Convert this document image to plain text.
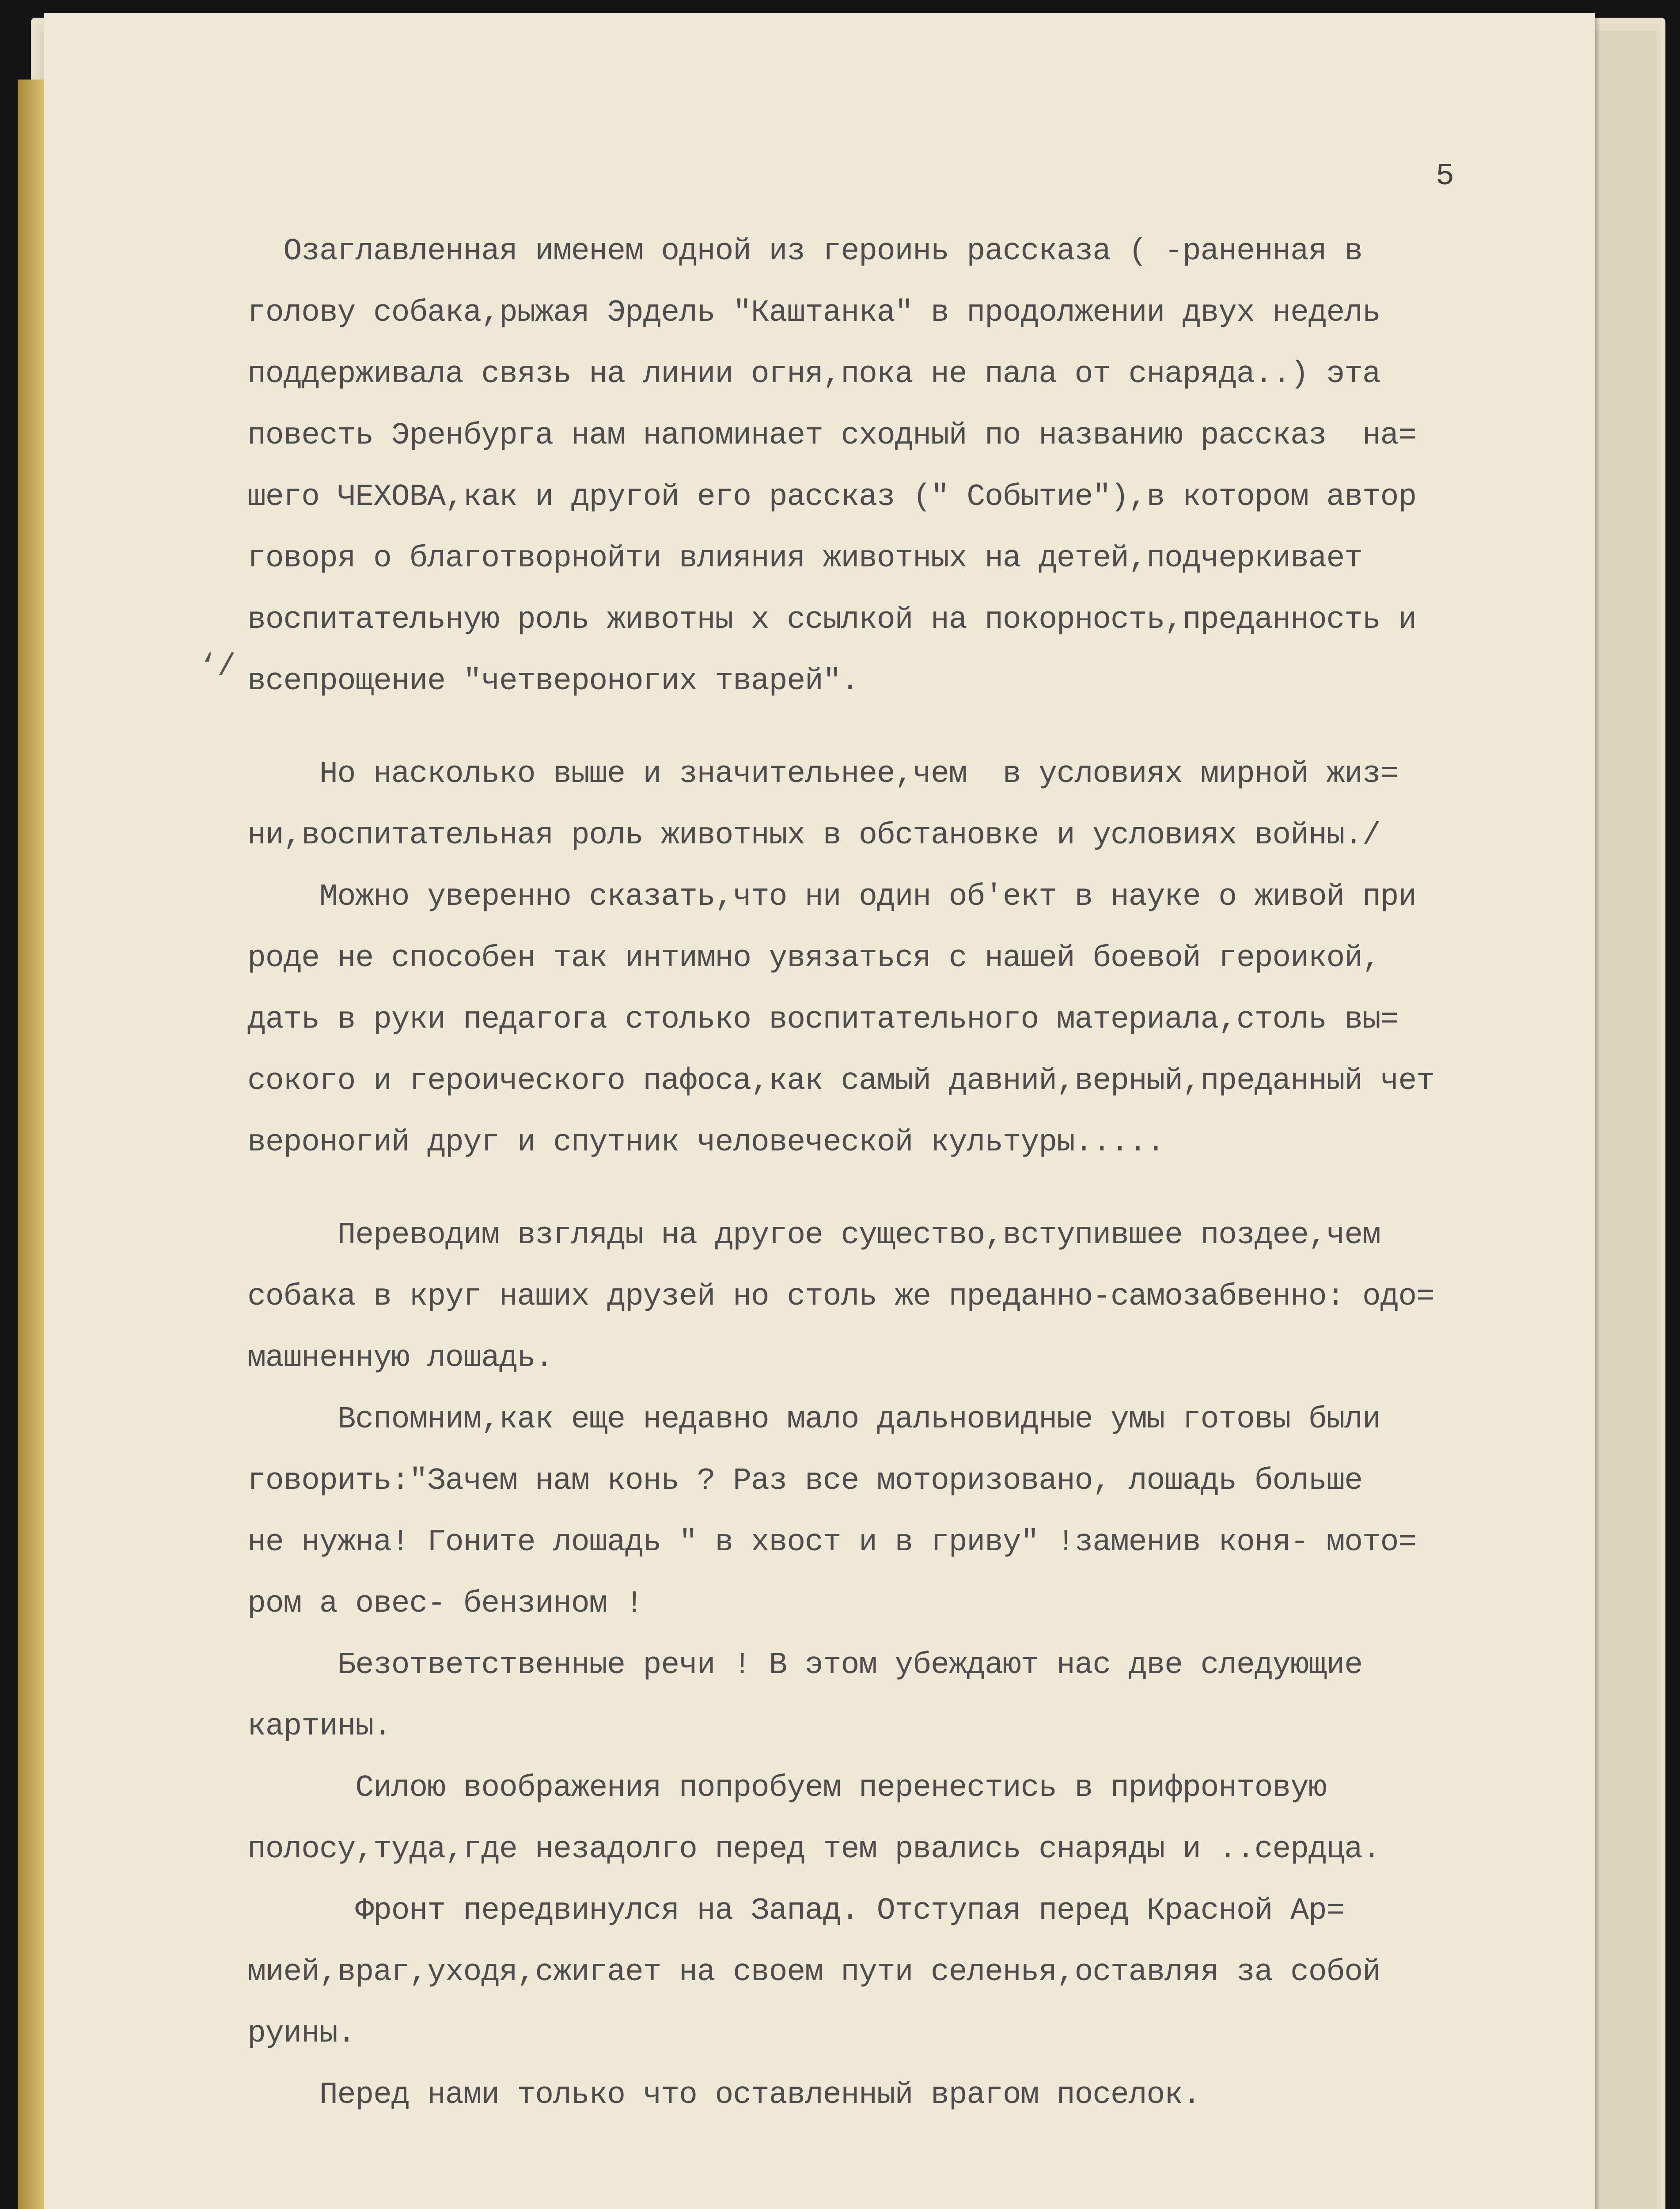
5
‘/
Озаглавленная именем одной из героинь рассказа ( -раненная в
голову собака,рыжая Эрдель "Каштанка" в продолжении двух недель
поддерживала связь на линии огня,пока не пала от снаряда..) эта
повесть Эренбурга нам напоминает сходный по названию рассказ  на=
шего ЧЕХОВА,как и другой его рассказ (" Событие"),в котором автор
говоря о благотворнойти влияния животных на детей,подчеркивает
воспитательную роль животны х ссылкой на покорность,преданность и
всепрощение "четвероногих тварей".
Но насколько выше и значительнее,чем  в условиях мирной жиз=
ни,воспитательная роль животных в обстановке и условиях войны./
Можно уверенно сказать,что ни один об'ект в науке о живой при
роде не способен так интимно увязаться с нашей боевой героикой,
дать в руки педагога столько воспитательного материала,столь вы=
сокого и героического пафоса,как самый давний,верный,преданный чет
вероногий друг и спутник человеческой культуры.....
Переводим взгляды на другое существо,вступившее поздее,чем
собака в круг наших друзей но столь же преданно-самозабвенно: одо=
машненную лошадь.
Вспомним,как еще недавно мало дальновидные умы готовы были
говорить:"Зачем нам конь ? Раз все моторизовано, лошадь больше
не нужна! Гоните лошадь " в хвост и в гриву" !заменив коня- мото=
ром а овес- бензином !
Безответственные речи ! В этом убеждают нас две следующие
картины.
Силою воображения попробуем перенестись в прифронтовую
полосу,туда,где незадолго перед тем рвались снаряды и ..сердца.
Фронт передвинулся на Запад. Отступая перед Красной Ар=
мией,враг,уходя,сжигает на своем пути селенья,оставляя за собой
руины.
Перед нами только что оставленный врагом поселок.
